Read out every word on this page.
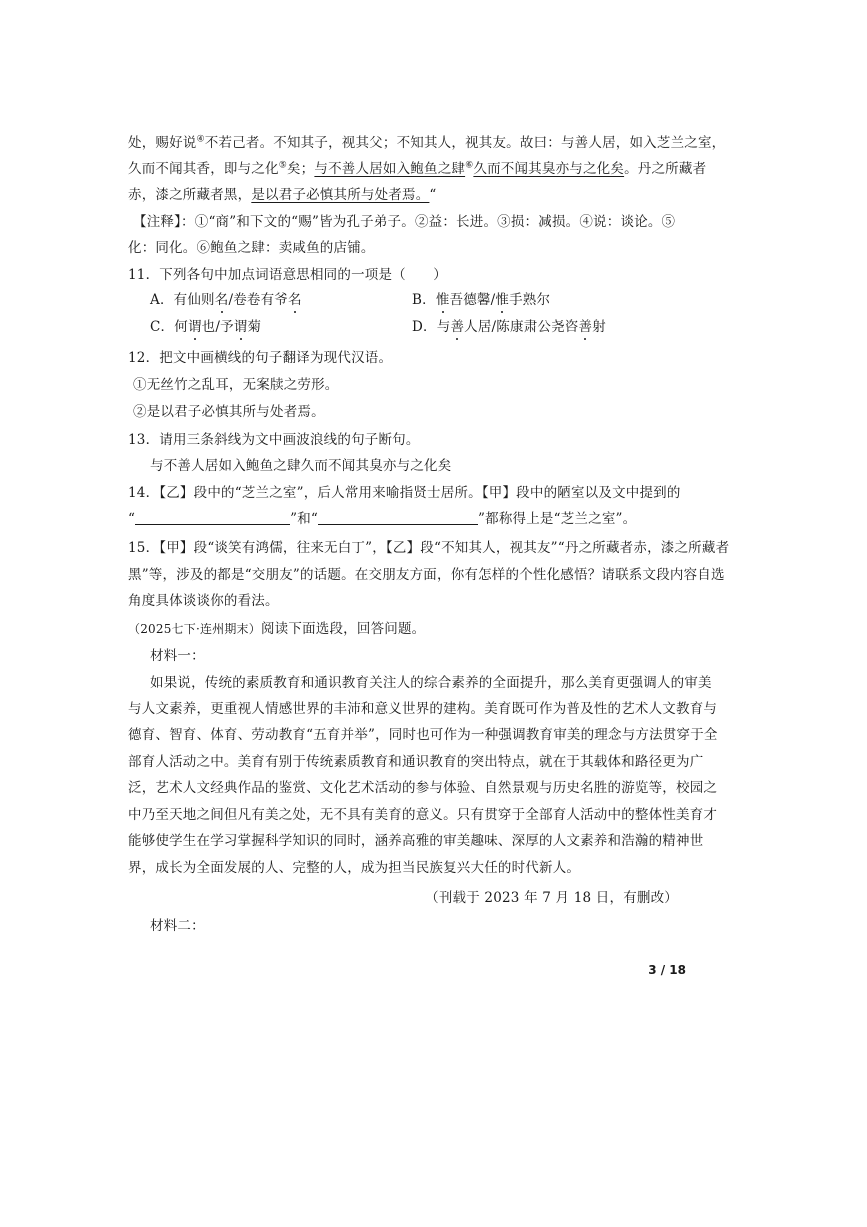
处，赐好说④不若己者。不知其子，视其父；不知其人，视其友。故曰：与善人居，如入芝兰之室，
久而不闻其香，即与之化⑤矣；与不善人居如入鲍鱼之肆⑥久而不闻其臭亦与之化矣。丹之所藏者
赤，漆之所藏者黑，是以君子必慎其所与处者焉。“
【注释】：①“商”和下文的“赐”皆为孔子弟子。②益：长进。③损：减损。④说：谈论。⑤
化：同化。⑥鲍鱼之肆：卖咸鱼的店铺。
11．下列各句中加点词语意思相同的一项是（　　）
A．有仙则名/卷卷有爷名	B．惟吾德馨/惟手熟尔
C．何谓也/予谓菊	D．与善人居/陈康肃公尧咨善射
12．把文中画横线的句子翻译为现代汉语。
①无丝竹之乱耳，无案牍之劳形。
②是以君子必慎其所与处者焉。
13．请用三条斜线为文中画波浪线的句子断句。
与不善人居如入鲍鱼之肆久而不闻其臭亦与之化矣
14．【乙】段中的“芝兰之室”，后人常用来喻指贤士居所。【甲】段中的陋室以及文中提到的
“	”和“	”都称得上是“芝兰之室”。
15．【甲】段“谈笑有鸿儒，往来无白丁”，【乙】段“不知其人，视其友”“丹之所藏者赤，漆之所藏者
黑”等，涉及的都是“交朋友”的话题。在交朋友方面，你有怎样的个性化感悟？请联系文段内容自选
角度具体谈谈你的看法。
（2025七下·连州期末）阅读下面选段，回答问题。
材料一：
如果说，传统的素质教育和通识教育关注人的综合素养的全面提升，那么美育更强调人的审美
与人文素养，更重视人情感世界的丰沛和意义世界的建构。美育既可作为普及性的艺术人文教育与
德育、智育、体育、劳动教育“五育并举”，同时也可作为一种强调教育审美的理念与方法贯穿于全
部育人活动之中。美育有别于传统素质教育和通识教育的突出特点，就在于其载体和路径更为广
泛，艺术人文经典作品的鉴赏、文化艺术活动的参与体验、自然景观与历史名胜的游览等，校园之
中乃至天地之间但凡有美之处，无不具有美育的意义。只有贯穿于全部育人活动中的整体性美育才
能够使学生在学习掌握科学知识的同时，涵养高雅的审美趣味、深厚的人文素养和浩瀚的精神世
界，成长为全面发展的人、完整的人，成为担当民族复兴大任的时代新人。
（刊载于 2023 年 7 月 18 日，有删改）
材料二：
3 / 18
